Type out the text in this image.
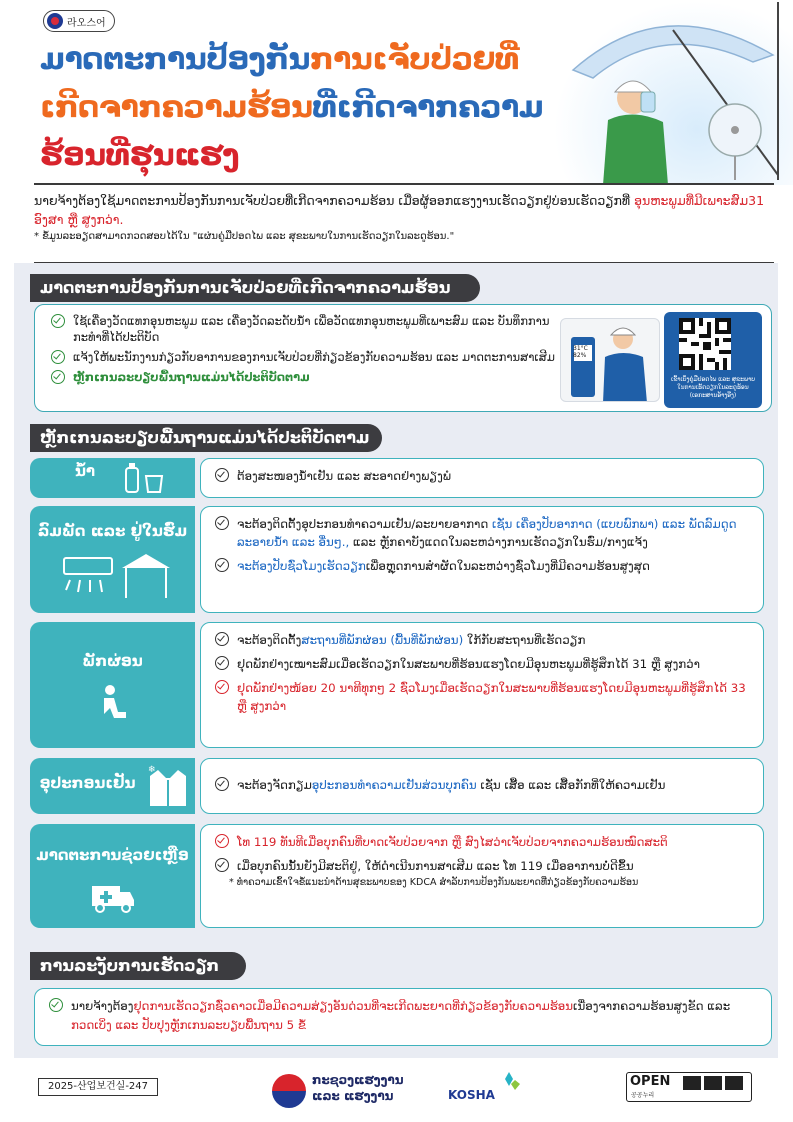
라오스어
ມາດຕະການປ້ອງກັນການເຈັບປ່ວຍທີ່
ເກີດຈາກຄວາມຮ້ອນທີ່ເກີດຈາກຄວາມ
ຮ້ອນທີ່ຮຸນແຮງ
ນາຍຈ້າງຕ້ອງໃຊ້ມາດຕະການປ້ອງກັນການເຈັບປ່ວຍທີ່ເກີດຈາກຄວາມຮ້ອນ ເມື່ອຜູ້ອອກແຮງງານເຮັດວຽກຢູ່ບ່ອນເຮັດວຽກທີ່ ອຸນຫະພູມທີ່ມີເພາະສົມ31 ອົງສາ ຫຼື ສູງກວ່າ.
* ຂໍ້ມູນລະອຽດສາມາດກວດສອບໄດ້ໃນ "ແຜ່ນຄູ່ມືປອດໄພ ແລະ ສຸຂະພາບໃນການເຮັດວຽກໃນລະດູຮ້ອນ."
ມາດຕະການປ້ອງກັນການເຈັບປ່ວຍທີ່ເກີດຈາກຄວາມຮ້ອນ
ໃຊ້ເຄື່ອງວັດແທກອຸນຫະພູມ ແລະ ເຄື່ອງວັດລະດັບນ້ຳ ເພື່ອວັດແທກອຸນຫະພູມທີ່ເພາະສົມ ແລະ ບັນທຶກການກະທຳທີ່ໄດ້ປະຕິບັດ
ແຈ້ງໃຫ້ພະນັກງານກ່ຽວກັບອາການຂອງການເຈັບປ່ວຍທີ່ກ່ຽວຂ້ອງກັບຄວາມຮ້ອນ ແລະ ມາດຕະການສາເສີມ
ຫຼັກເກນລະບຽບພື້ນຖານແມ່ນໄດ້ປະຕິບັດຕາມ
31°C 82%
ເຂົ້າເບິ່ງຄູ່ມືປອດໄພ ແລະ ສຸຂະພາບໃນການເຮັດວຽກໃນລະດູຮ້ອນ (ເອກະສານອ້າງອີງ)
ຫຼັກເກນລະບຽບພື້ນຖານແມ່ນໄດ້ປະຕິບັດຕາມ
ນ້ຳ	ຕ້ອງສະໜອງນ້ຳເຢັນ ແລະ ສະອາດຢ່າງພຽງພໍ
ລົມພັດ ແລະ ຢູ່ໃນຮົ່ມ	ຈະຕ້ອງຕິດຕັ້ງອຸປະກອນທຳຄວາມເຢັນ/ລະບາຍອາກາດ ເຊັ່ນ ເຄື່ອງປັບອາກາດ (ແບບພົກພາ) ແລະ ພັດລົມດູດລະອາຍນ້ຳ ແລະ ອື່ນໆ., ແລະ ຫຼັກຄາບັງແດດໃນລະຫວ່າງການເຮັດວຽກໃນຮົ່ມ/ກາງແຈ້ງ
ຈະຕ້ອງປັບຊົ່ວໂມງເຮັດວຽກເພື່ອຫຼຸດການສຳຜັດໃນລະຫວ່າງຊົ່ວໂມງທີ່ມີຄວາມຮ້ອນສູງສຸດ
ພັກຜ່ອນ
ຈະຕ້ອງຕິດຕັ້ງສະຖານທີ່ພັກຜ່ອນ (ພື້ນທີ່ພັກຜ່ອນ) ໃກ້ກັບສະຖານທີ່ເຮັດວຽກ
ຢຸດພັກຢ່າງເໝາະສົມເມື່ອເຮັດວຽກໃນສະພາບທີ່ຮ້ອນແຮງໂດຍມີອຸນຫະພູມທີ່ຮູ້ສຶກໄດ້ 31 ຫຼື ສູງກວ່າ
ຢຸດພັກຢ່າງໜ້ອຍ 20 ນາທີທຸກໆ 2 ຊົ່ວໂມງເມື່ອເຮັດວຽກໃນສະພາບທີ່ຮ້ອນແຮງໂດຍມີອຸນຫະພູມທີ່ຮູ້ສຶກໄດ້ 33 ຫຼື ສູງກວ່າ
ອຸປະກອນເຢັນ
❄
ຈະຕ້ອງຈັດກຽມອຸປະກອນທຳຄວາມເຢັນສ່ວນບຸກຄົນ ເຊັ່ນ ເສື້ອ ແລະ ເສື້ອກັກທີ່ໃຫ້ຄວາມເຢັນ
ມາດຕະການຊ່ວຍເຫຼືອ
ໂທ 119 ທັນທີເມື່ອບຸກຄົນທີ່ບາດເຈັບປ່ວຍຈາກ ຫຼື ສົງໄສວ່າເຈັບປ່ວຍຈາກຄວາມຮ້ອນໝົດສະຕິ
ເມື່ອບຸກຄົນນັ້ນຍັງມີສະຕິຢູ່, ໃຫ້ດຳເນີນການສາເສີມ ແລະ ໂທ 119 ເມື່ອອາການບໍ່ດີຂຶ້ນ
* ທຳຄວາມເຂົ້າໃຈຂໍ້ແນະນຳດ້ານສຸຂະພາບຂອງ KDCA ສຳລັບການປ້ອງກັນພະຍາດທີ່ກ່ຽວຂ້ອງກັບຄວາມຮ້ອນ
ການລະງັບການເຮັດວຽກ
ນາຍຈ້າງຕ້ອງຢຸດການເຮັດວຽກຊົ່ວຄາວເມື່ອມີຄວາມສ່ຽງອັນດ່ວນທີ່ຈະເກີດພະຍາດທີ່ກ່ຽວຂ້ອງກັບຄວາມຮ້ອນເນື່ອງຈາກຄວາມຮ້ອນສູງຂັດ ແລະ ກວດເບິ່ງ ແລະ ປັບປຸງຫຼັກເກນລະບຽບພື້ນຖານ 5 ຂໍ້
2025-산업보건실-247	ກະຊວງແຮງງານ ແລະ ແຮງງານ	KOSHA	공공누리
OPEN
